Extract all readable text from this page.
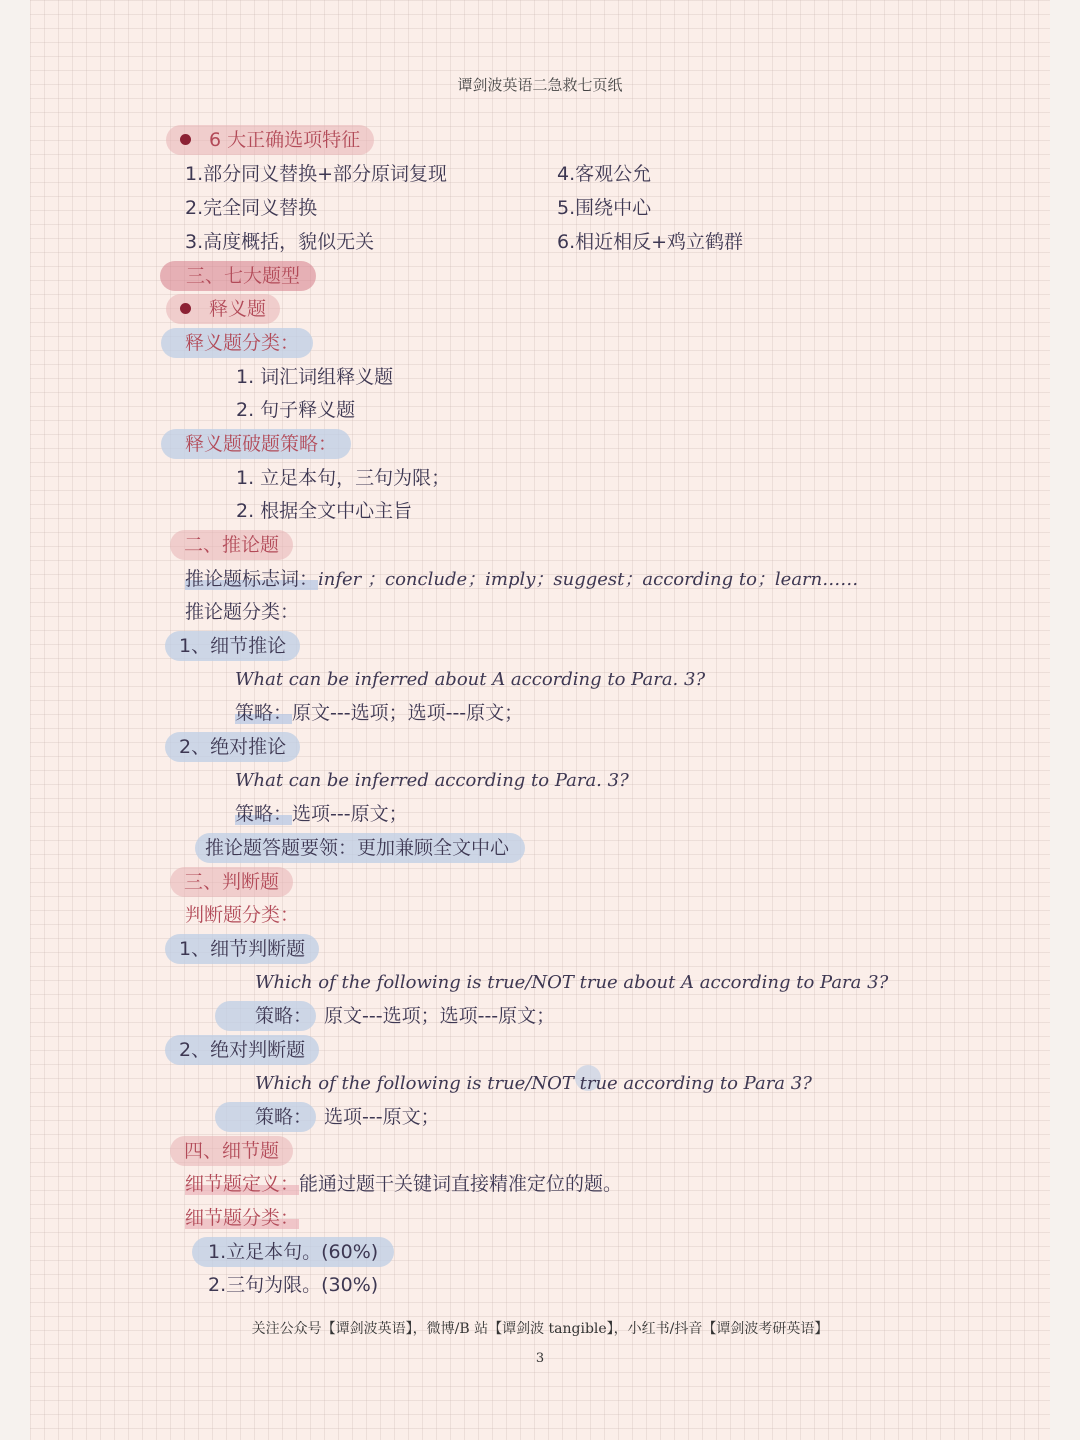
谭剑波英语二急救七页纸
6 大正确选项特征
1.部分同义替换+部分原词复现
2.完全同义替换
3.高度概括，貌似无关
4.客观公允
5.围绕中心
6.相近相反+鸡立鹤群
三、七大题型
释义题
释义题分类：
1. 词汇词组释义题
2. 句子释义题
释义题破题策略：
1. 立足本句，三句为限；
2. 根据全文中心主旨
二、推论题
推论题标志词：infer ；conclude；imply；suggest；according to；learn……
推论题分类：
1、细节推论
What can be inferred about A according to Para. 3?
策略：原文---选项；选项---原文；
2、绝对推论
What can be inferred according to Para. 3?
策略：选项---原文；
推论题答题要领：更加兼顾全文中心
三、判断题
判断题分类：
1、细节判断题
Which of the following is true/NOT true about A according to Para 3?
策略： 原文---选项；选项---原文；
2、绝对判断题
Which of the following is true/NOT true according to Para 3?
策略： 选项---原文；
四、细节题
细节题定义：能通过题干关键词直接精准定位的题。
细节题分类：
1.立足本句。(60%)
2.三句为限。(30%)
关注公众号【谭剑波英语】，微博/B 站【谭剑波 tangible】，小红书/抖音【谭剑波考研英语】
3
